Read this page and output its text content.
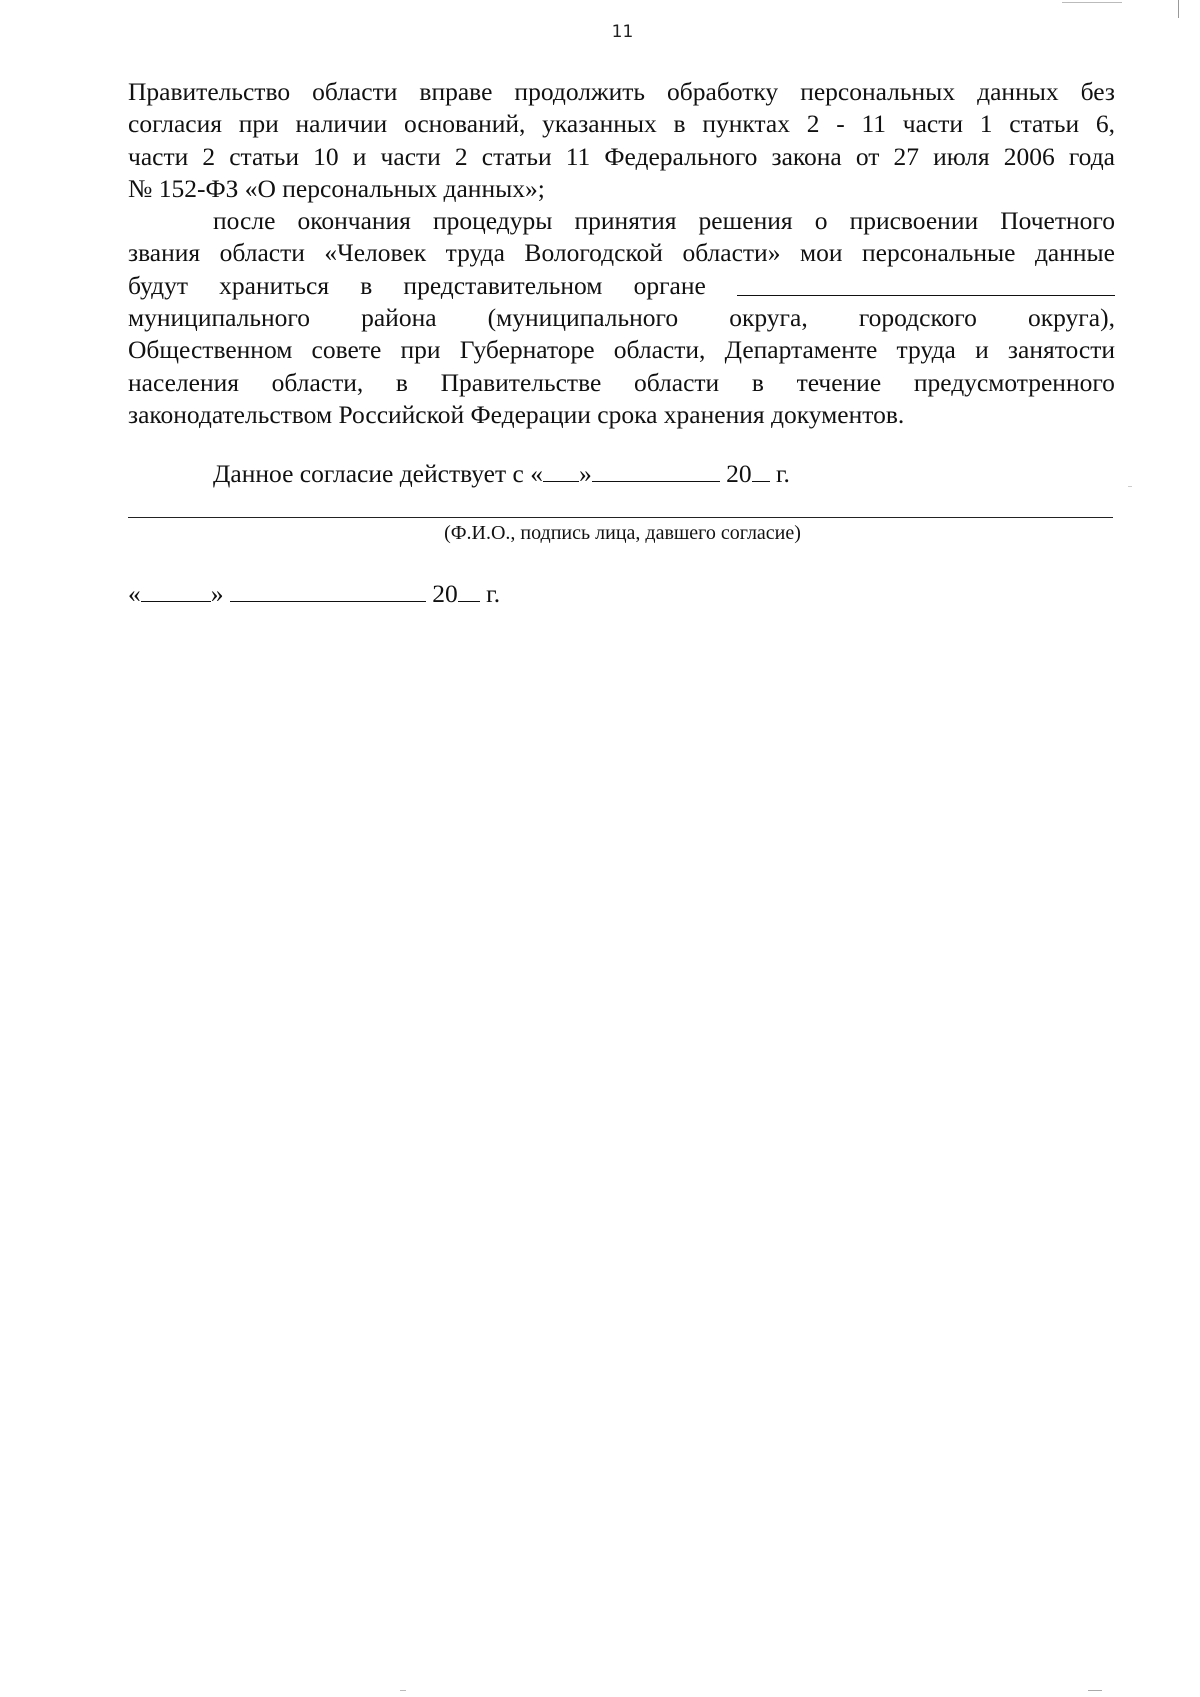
11

Правительство области вправе продолжить обработку персональных данных без
согласия при наличии оснований, указанных в пунктах 2 - 11 части 1 статьи 6,
части 2 статьи 10 и части 2 статьи 11 Федерального закона от 27 июля 2006 года
№ 152-ФЗ «О персональных данных»;

после окончания процедуры принятия решения о присвоении Почетного
звания области «Человек труда Вологодской области» мои персональные данные
будут храниться в представительном органе
муниципального района (муниципального округа, городского округа),
Общественном совете при Губернаторе области, Департаменте труда и занятости
населения области, в Правительстве области в течение предусмотренного
законодательством Российской Федерации срока хранения документов.
Данное согласие действует с « »	20 г.
(Ф.И.О., подпись лица, давшего согласие)
«	»	20 г.
